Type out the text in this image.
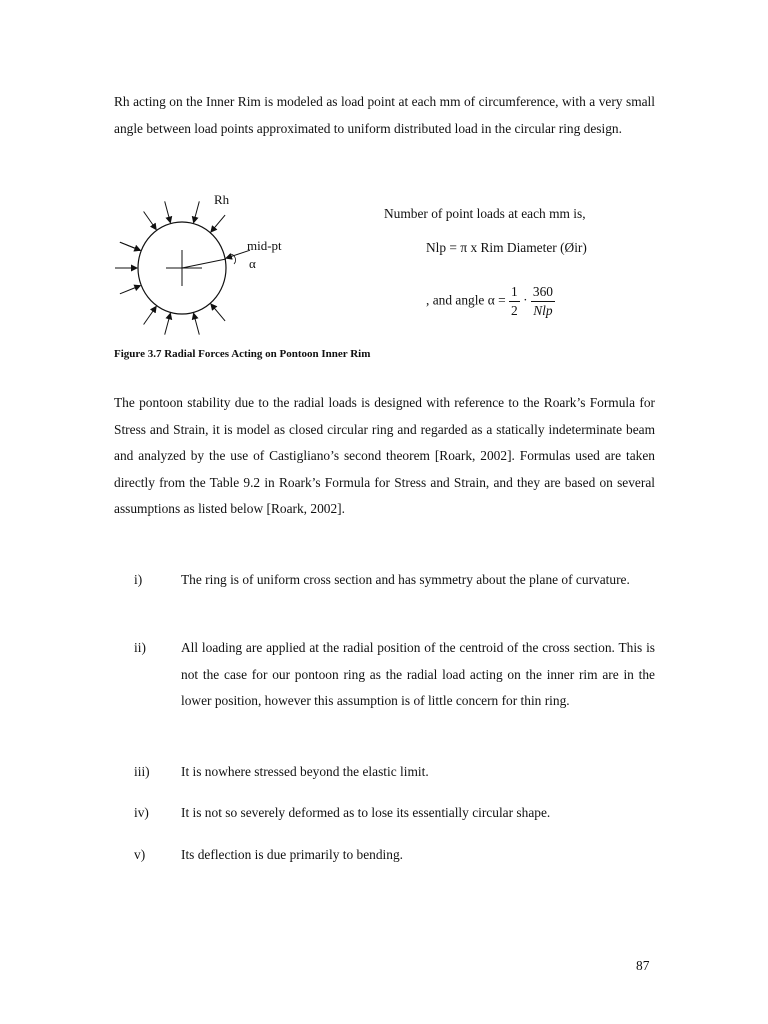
Rh acting on the Inner Rim is modeled as load point at each mm of circumference, with a very small angle between load points approximated to uniform distributed load in the circular ring design.

Rh
mid-pt
α
Number of point loads at each mm is,
Nlp = π x Rim Diameter (Øir)
, and angle $\alpha = \frac{1}{2} \cdot \frac{360}{\text{Nlp}}$

Figure 3.7 Radial Forces Acting on Pontoon Inner Rim

The pontoon stability due to the radial loads is designed with reference to the Roark’s Formula for Stress and Strain, it is model as closed circular ring and regarded as a statically indeterminate beam and analyzed by the use of Castigliano’s second theorem [Roark, 2002]. Formulas used are taken directly from the Table 9.2 in Roark’s Formula for Stress and Strain, and they are based on several assumptions as listed below [Roark, 2002].

i)	The ring is of uniform cross section and has symmetry about the plane of curvature.

ii)	All loading are applied at the radial position of the centroid of the cross section. This is not the case for our pontoon ring as the radial load acting on the inner rim are in the lower position, however this assumption is of little concern for thin ring.

iii) It is nowhere stressed beyond the elastic limit.

iv) It is not so severely deformed as to lose its essentially circular shape.

v)	Its deflection is due primarily to bending.

87
